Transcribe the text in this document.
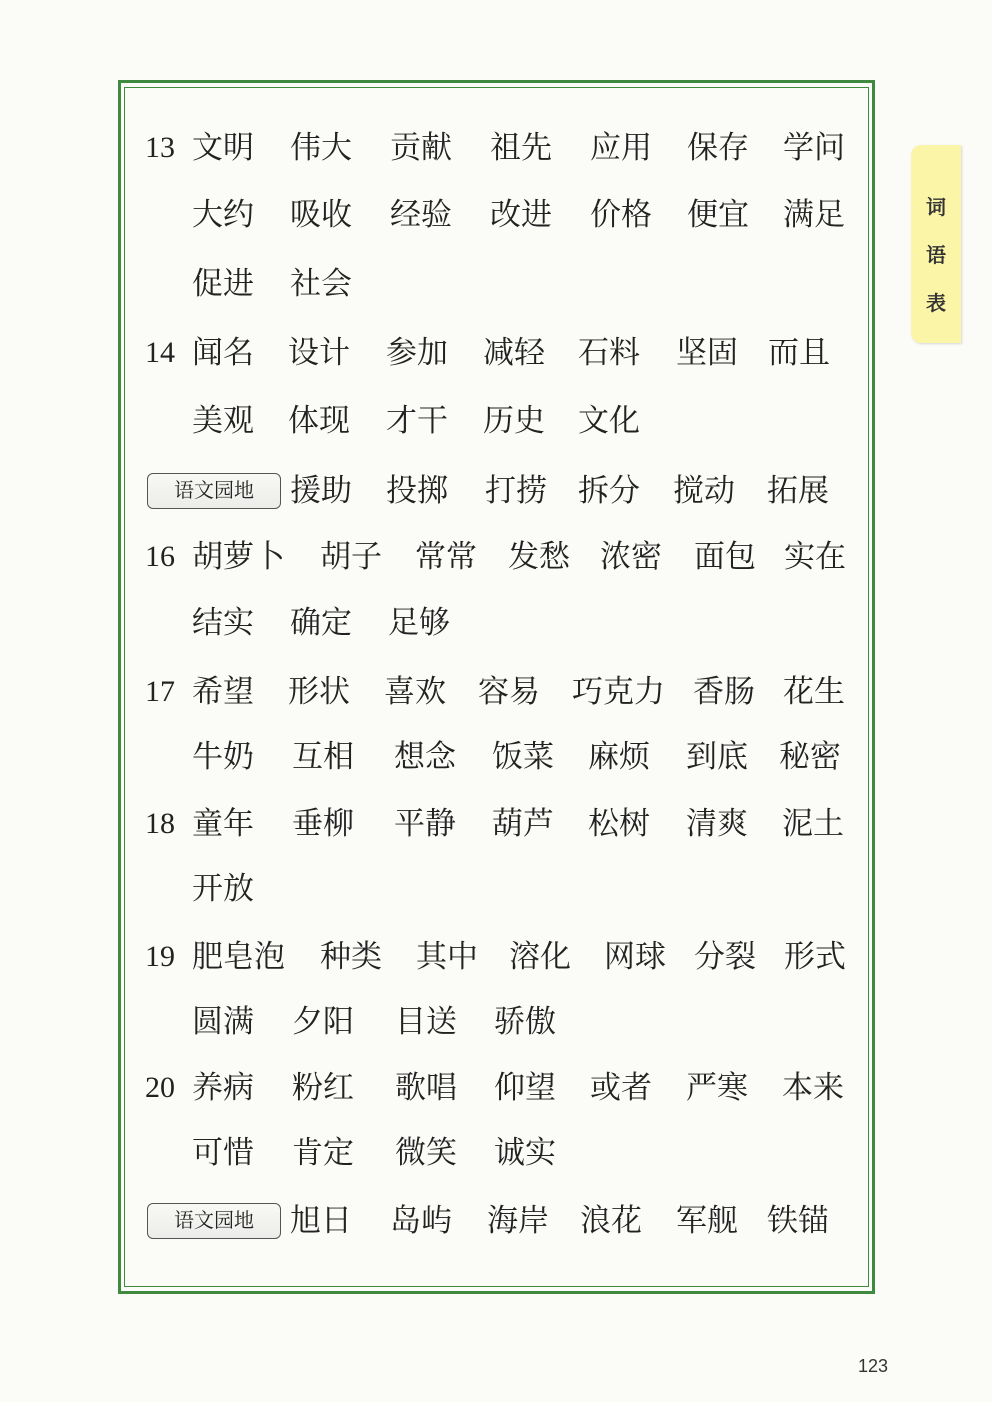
词
语
表
13 文明 伟大 贡献 祖先 应用 保存 学问
大约 吸收 经验 改进 价格 便宜 满足
促进 社会
14 闻名 设计 参加 减轻 石料 坚固 而且
美观 体现 才干 历史 文化
语文园地	援助 投掷 打捞 拆分 搅动 拓展
16 胡萝卜 胡子 常常 发愁 浓密 面包 实在
结实 确定 足够
17 希望 形状 喜欢 容易 巧克力 香肠 花生
牛奶 互相 想念 饭菜 麻烦 到底 秘密
18 童年 垂柳 平静 葫芦 松树 清爽 泥土
开放
19 肥皂泡 种类 其中 溶化 网球 分裂 形式
圆满 夕阳 目送 骄傲
20 养病 粉红 歌唱 仰望 或者 严寒 本来
可惜 肯定 微笑 诚实
语文园地	旭日 岛屿 海岸 浪花 军舰 铁锚
123
